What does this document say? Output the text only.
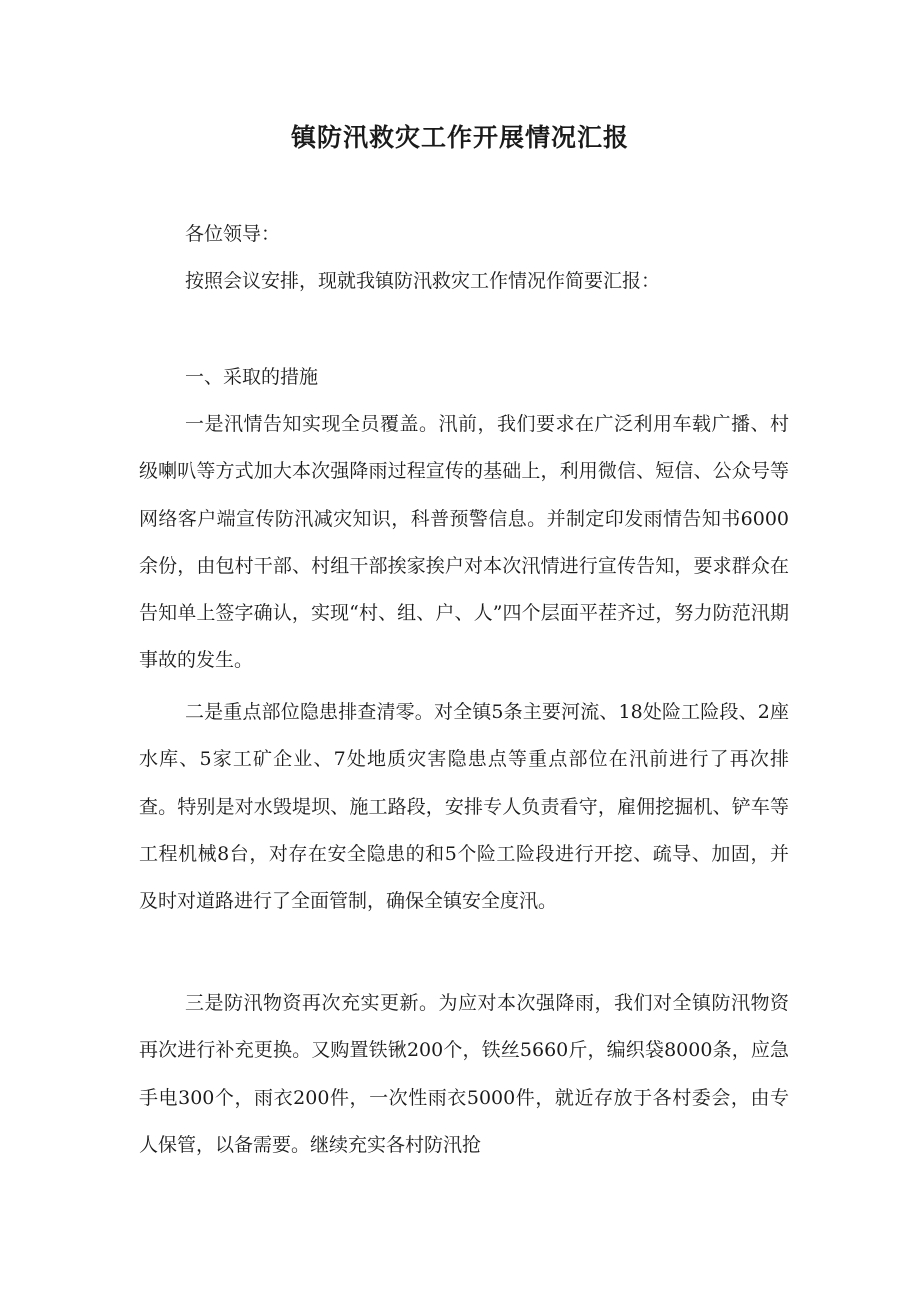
镇防汛救灾工作开展情况汇报

各位领导：

按照会议安排，现就我镇防汛救灾工作情况作简要汇报：

一、采取的措施

一是汛情告知实现全员覆盖。汛前，我们要求在广泛利用车载广播、村级喇叭等方式加大本次强降雨过程宣传的基础上，利用微信、短信、公众号等网络客户端宣传防汛减灾知识，科普预警信息。并制定印发雨情告知书6000余份，由包村干部、村组干部挨家挨户对本次汛情进行宣传告知，要求群众在告知单上签字确认，实现“村、组、户、人”四个层面平茬齐过，努力防范汛期事故的发生。

二是重点部位隐患排查清零。对全镇5条主要河流、18处险工险段、2座水库、5家工矿企业、7处地质灾害隐患点等重点部位在汛前进行了再次排查。特别是对水毁堤坝、施工路段，安排专人负责看守，雇佣挖掘机、铲车等工程机械8台，对存在安全隐患的和5个险工险段进行开挖、疏导、加固，并及时对道路进行了全面管制，确保全镇安全度汛。

三是防汛物资再次充实更新。为应对本次强降雨，我们对全镇防汛物资再次进行补充更换。又购置铁锹200个，铁丝5660斤，编织袋8000条，应急手电300个，雨衣200件，一次性雨衣5000件，就近存放于各村委会，由专人保管，以备需要。继续充实各村防汛抢
